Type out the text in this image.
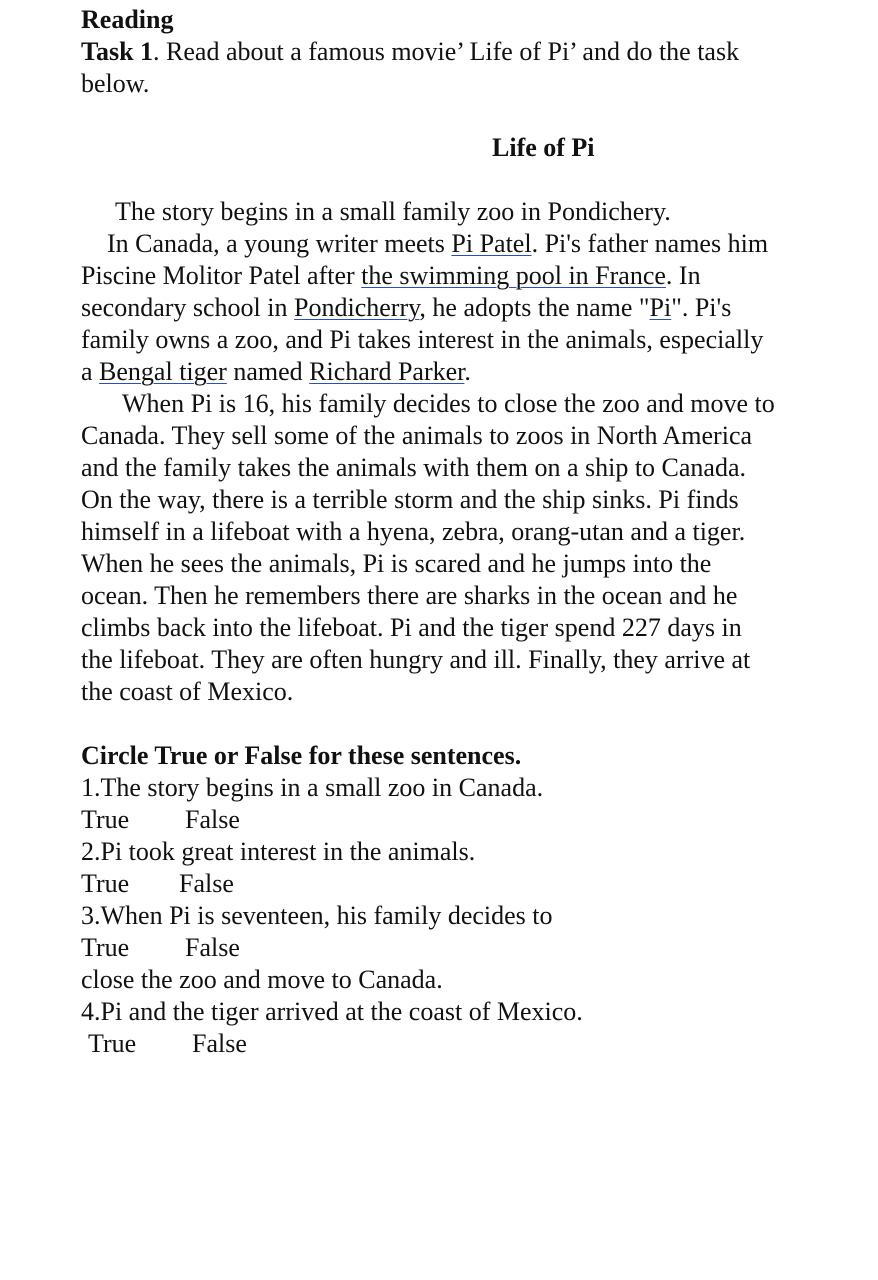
Reading
Task 1. Read about a famous movie’ Life of Pi’ and do the task
below.
Life of Pi
The story begins in a small family zoo in Pondichery.
In Canada, a young writer meets Pi Patel. Pi's father names him
Piscine Molitor Patel after the swimming pool in France. In
secondary school in Pondicherry, he adopts the name "Pi". Pi's
family owns a zoo, and Pi takes interest in the animals, especially
a Bengal tiger named Richard Parker.
When Pi is 16, his family decides to close the zoo and move to
Canada. They sell some of the animals to zoos in North America
and the family takes the animals with them on a ship to Canada.
On the way, there is a terrible storm and the ship sinks. Pi finds
himself in a lifeboat with a hyena, zebra, orang-utan and a tiger.
When he sees the animals, Pi is scared and he jumps into the
ocean. Then he remembers there are sharks in the ocean and he
climbs back into the lifeboat. Pi and the tiger spend 227 days in
the lifeboat. They are often hungry and ill. Finally, they arrive at
the coast of Mexico.
Circle True or False for these sentences.
1.The story begins in a small zoo in Canada.
True False
2.Pi took great interest in the animals.
True False
3.When Pi is seventeen, his family decides to
True False
close the zoo and move to Canada.
4.Pi and the tiger arrived at the coast of Mexico.
True False
